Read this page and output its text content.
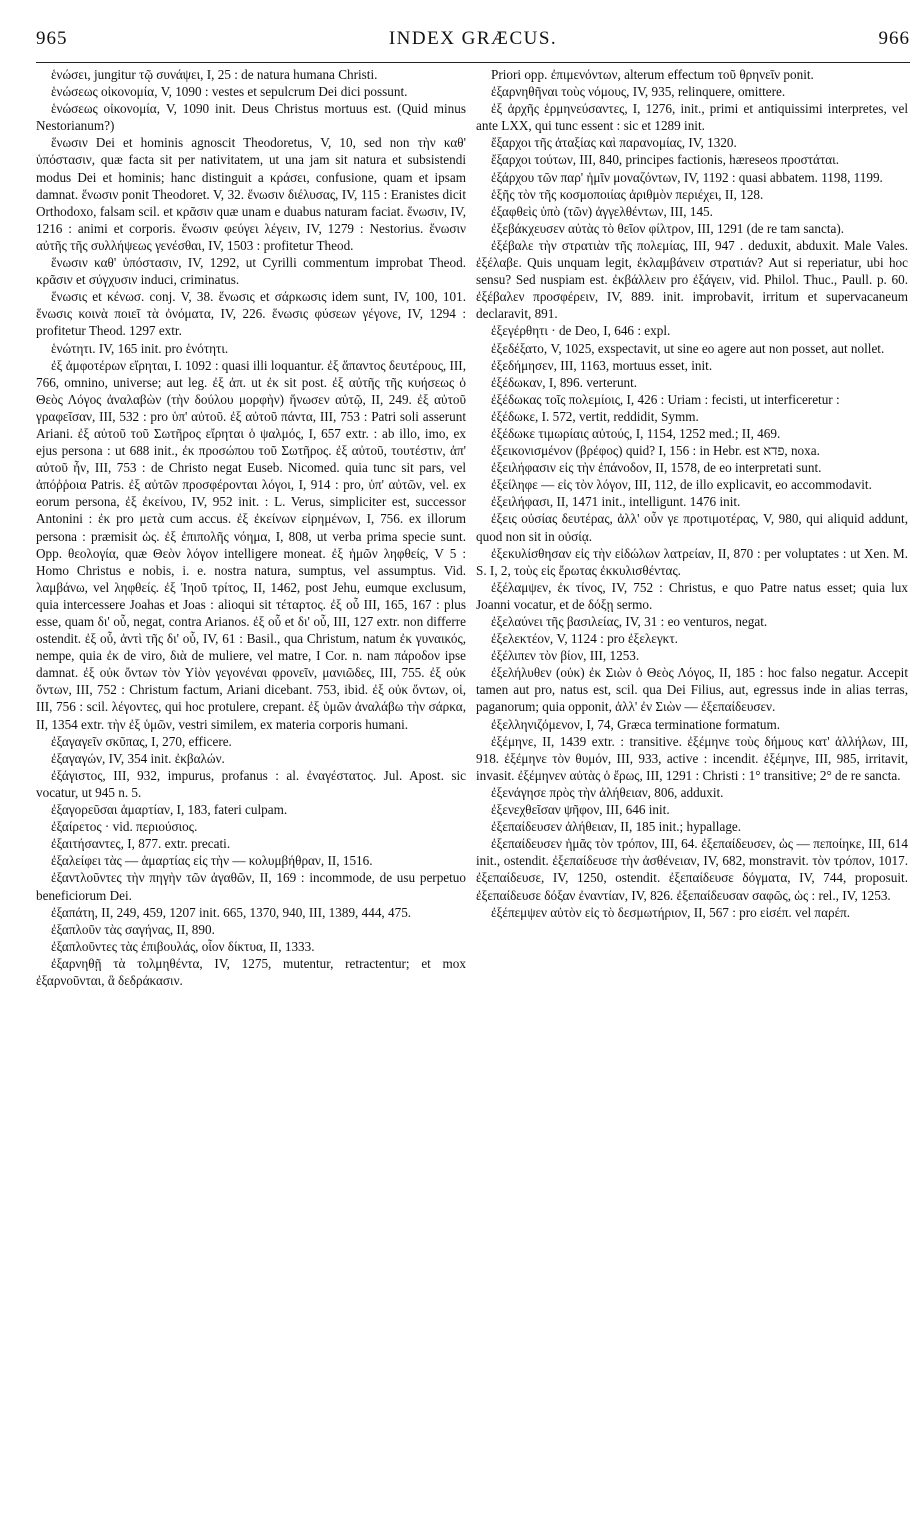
965	INDEX GRÆCUS.	966

ἑνώσει, jungitur τῷ συνάψει, I, 25 : de natura humana Christi.

ἑνώσεως οἰκονομία, V, 1090 : vestes et sepulcrum Dei dici possunt.

ἑνώσεως οἰκονομία, V, 1090 init. Deus Christus mortuus est. (Quid minus Nestorianum?)

ἕνωσιν Dei et hominis agnoscit Theodoretus, V, 10, sed non τὴν καθ' ὑπόστασιν, quæ facta sit per nativitatem, ut una jam sit natura et subsistendi modus Dei et hominis; hanc distinguit a κράσει, confusione, quam et ipsam damnat. ἕνωσιν ponit Theodoret. V, 32. ἕνωσιν διέλυσας, IV, 115 : Eranistes dicit Orthodoxo, falsam scil. et κρᾶσιν quæ unam e duabus naturam faciat. ἕνωσιν, IV, 1216 : animi et corporis. ἕνωσιν φεύγει λέγειν, IV, 1279 : Nestorius. ἕνωσιν αὐτῆς τῆς συλλήψεως γενέσθαι, IV, 1503 : profitetur Theod.

ἕνωσιν καθ' ὑπόστασιν, IV, 1292, ut Cyrilli commentum improbat Theod. κρᾶσιν et σύγχυσιν induci, criminatus.

ἕνωσις et κένωσ. conj. V, 38. ἕνωσις et σάρκωσις idem sunt, IV, 100, 101. ἕνωσις κοινὰ ποιεῖ τὰ ὀνόματα, IV, 226. ἕνωσις φύσεων γέγονε, IV, 1294 : profitetur Theod. 1297 extr.

ἑνώτητι. IV, 165 init. pro ἑνότητι.

ἐξ ἀμφοτέρων εἴρηται, I. 1092 : quasi illi loquantur. ἐξ ἅπαντος δευτέρους, III, 766, omnino, universe; aut leg. ἐξ ἀπ. ut ἐκ sit post. ἐξ αὐτῆς τῆς κυήσεως ὁ Θεὸς Λόγος ἀναλαβὼν (τὴν δούλου μορφὴν) ἥνωσεν αὑτῷ, II, 249. ἐξ αὐτοῦ γραφεῖσαν, III, 532 : pro ὑπ' αὐτοῦ. ἐξ αὐτοῦ πάντα, III, 753 : Patri soli asserunt Ariani. ἐξ αὐτοῦ τοῦ Σωτῆρος εἴρηται ὁ ψαλμός, I, 657 extr. : ab illo, imo, ex ejus persona : ut 688 init., ἐκ προσώπου τοῦ Σωτῆρος. ἐξ αὐτοῦ, τουτέστιν, ἀπ' αὐτοῦ ἦν, III, 753 : de Christo negat Euseb. Nicomed. quia tunc sit pars, vel ἀπόῤῥοια Patris. ἐξ αὐτῶν προσφέρονται λόγοι, I, 914 : pro, ὑπ' αὐτῶν, vel. ex eorum persona, ἐξ ἐκείνου, IV, 952 init. : L. Verus, simpliciter est, successor Antonini : ἐκ pro μετὰ cum accus. ἐξ ἐκείνων εἰρημένων, I, 756. ex illorum persona : præmisit ὡς. ἐξ ἐπιπολῆς νόημα, I, 808, ut verba prima specie sunt. Opp. θεολογία, quæ Θεὸν λόγον intelligere moneat. ἐξ ἡμῶν ληφθείς, V 5 : Homo Christus e nobis, i. e. nostra natura, sumptus, vel assumptus. Vid. λαμβάνω, vel ληφθείς. ἐξ Ἰηοῦ τρίτος, II, 1462, post Jehu, eumque exclusum, quia intercessere Joahas et Joas : alioqui sit τέταρτος. ἐξ οὗ III, 165, 167 : plus esse, quam δι' οὗ, negat, contra Arianos. ἐξ οὗ et δι' οὗ, III, 127 extr. non differre ostendit. ἐξ οὗ, ἀντὶ τῆς δι' οὗ, IV, 61 : Basil., qua Christum, natum ἐκ γυναικός, nempe, quia ἐκ de viro, διὰ de muliere, vel matre, I Cor. n. nam πάροδον ipse damnat. ἐξ οὐκ ὄντων τὸν Υἱὸν γεγονέναι φρονεῖν, μανιῶδες, III, 755. ἐξ οὐκ ὄντων, III, 752 : Christum factum, Ariani dicebant. 753, ibid. ἐξ οὐκ ὄντων, οἱ, III, 756 : scil. λέγοντες, qui hoc protulere, crepant. ἐξ ὑμῶν ἀναλάβω τὴν σάρκα, II, 1354 extr. τὴν ἐξ ὑμῶν, vestri similem, ex materia corporis humani.

ἐξαγαγεῖν σκῦπας, I, 270, efficere.

ἐξαγαγών, IV, 354 init. ἐκβαλών.

ἐξάγιστος, III, 932, impurus, profanus : al. ἐναγέστατος. Jul. Apost. sic vocatur, ut 945 n. 5.

ἐξαγορεῦσαι ἁμαρτίαν, I, 183, fateri culpam.

ἐξαίρετος · vid. περιούσιος.

ἐξαιτήσαντες, I, 877. extr. precati.

ἐξαλείφει τὰς — ἁμαρτίας εἰς τὴν — κολυμβήθραν, II, 1516.

ἐξαντλοῦντες τὴν πηγὴν τῶν ἀγαθῶν, II, 169 : incommode, de usu perpetuo beneficiorum Dei.

ἐξαπάτη, II, 249, 459, 1207 init. 665, 1370, 940, III, 1389, 444, 475.

ἐξαπλοῦν τὰς σαγήνας, II, 890.

ἐξαπλοῦντες τὰς ἐπιβουλάς, οἷον δίκτυα, II, 1333.

ἐξαρνηθῇ τὰ τολμηθέντα, IV, 1275, mutentur, retractentur; et mox ἐξαρνοῦνται, ἃ δεδράκασιν.

Priori opp. ἐπιμενόντων, alterum effectum τοῦ θρηνεῖν ponit.

ἐξαρνηθῆναι τοὺς νόμους, IV, 935, relinquere, omittere.

ἐξ ἀρχῆς ἑρμηνεύσαντες, I, 1276, init., primi et antiquissimi interpretes, vel ante LXX, qui tunc essent : sic et 1289 init.

ἔξαρχοι τῆς ἀταξίας καὶ παρανομίας, IV, 1320.

ἔξαρχοι τούτων, III, 840, principes factionis, hæreseos προστάται.

ἐξάρχου τῶν παρ' ἡμῖν μοναζόντων, IV, 1192 : quasi abbatem. 1198, 1199.

ἑξῆς τὸν τῆς κοσμοποιίας ἀριθμὸν περιέχει, II, 128.

ἐξαφθεὶς ὑπὸ (τῶν) ἀγγελθέντων, III, 145.

ἐξεβάκχευσεν αὐτὰς τὸ θεῖον φίλτρον, III, 1291 (de re tam sancta).

ἐξέβαλε τὴν στρατιὰν τῆς πολεμίας, III, 947 . deduxit, abduxit. Male Vales. ἐξέλαβε. Quis unquam legit, ἐκλαμβάνειν στρατιάν? Aut si reperiatur, ubi hoc sensu? Sed nuspiam est. ἐκβάλλειν pro ἐξάγειν, vid. Philol. Thuc., Paull. p. 60. ἐξέβαλεν προσφέρειν, IV, 889. init. improbavit, irritum et supervacaneum declaravit, 891.

ἐξεγέρθητι · de Deo, I, 646 : expl.

ἐξεδέξατο, V, 1025, exspectavit, ut sine eo agere aut non posset, aut nollet.

ἐξεδήμησεν, III, 1163, mortuus esset, init.

ἐξέδωκαν, I, 896. verterunt.

ἐξέδωκας τοῖς πολεμίοις, I, 426 : Uriam : fecisti, ut interficeretur :

ἐξέδωκε, I. 572, vertit, reddidit, Symm.

ἐξέδωκε τιμωρίαις αὐτούς, I, 1154, 1252 med.; II, 469.

ἐξεικονισμένον (βρέφος) quid? I, 156 : in Hebr. est פדא, noxa.

ἐξειλήφασιν εἰς τὴν ἐπάνοδον, II, 1578, de eo interpretati sunt.

ἐξείληφε — εἰς τὸν λόγον, III, 112, de illo explicavit, eo accommodavit.

ἐξειλήφασι, II, 1471 init., intelligunt. 1476 init.

ἐξεις οὐσίας δευτέρας, ἀλλ' οὖν γε προτιμοτέρας, V, 980, qui aliquid addunt, quod non sit in οὐσίᾳ.

ἐξεκυλίσθησαν εἰς τὴν εἰδώλων λατρείαν, II, 870 : per voluptates : ut Xen. M. S. I, 2, τοὺς εἰς ἔρωτας ἐκκυλισθέντας.

ἐξέλαμψεν, ἐκ τίνος, IV, 752 : Christus, e quo Patre natus esset; quia lux Joanni vocatur, et de δόξῃ sermo.

ἐξελαύνει τῆς βασιλείας, IV, 31 : eo venturos, negat.

ἐξελεκτέον, V, 1124 : pro ἐξελεγκτ.

ἐξέλιπεν τὸν βίον, III, 1253.

ἐξελήλυθεν (οὐκ) ἐκ Σιὼν ὁ Θεὸς Λόγος, II, 185 : hoc falso negatur. Accepit tamen aut pro, natus est, scil. qua Dei Filius, aut, egressus inde in alias terras, paganorum; quia opponit, ἀλλ' ἐν Σιὼν — ἐξεπαίδευσεν.

ἐξελληνιζόμενον, I, 74, Græca terminatione formatum.

ἐξέμηνε, II, 1439 extr. : transitive. ἐξέμηνε τοὺς δήμους κατ' ἀλλήλων, III, 918. ἐξέμηνε τὸν θυμόν, III, 933, active : incendit. ἐξέμηνε, III, 985, irritavit, invasit. ἐξέμηνεν αὐτὰς ὁ ἔρως, III, 1291 : Christi : 1° transitive; 2° de re sancta.

ἐξενάγησε πρὸς τὴν ἀλήθειαν, 806, adduxit.

ἐξενεχθεῖσαν ψῆφον, III, 646 init.

ἐξεπαίδευσεν ἀλήθειαν, II, 185 init.; hypallage.

ἐξεπαίδευσεν ἡμᾶς τὸν τρόπον, III, 64. ἐξεπαίδευσεν, ὡς — πεποίηκε, III, 614 init., ostendit. ἐξεπαίδευσε τὴν ἀσθένειαν, IV, 682, monstravit. τὸν τρόπον, 1017. ἐξεπαίδευσε, IV, 1250, ostendit. ἐξεπαίδευσε δόγματα, IV, 744, proposuit. ἐξεπαίδευσε δόξαν ἐναντίαν, IV, 826. ἐξεπαίδευσαν σαφῶς, ὡς : rel., IV, 1253.

ἐξέπεμψεν αὐτὸν εἰς τὸ δεσμωτήριον, II, 567 : pro εἰσέπ. vel παρέπ.
